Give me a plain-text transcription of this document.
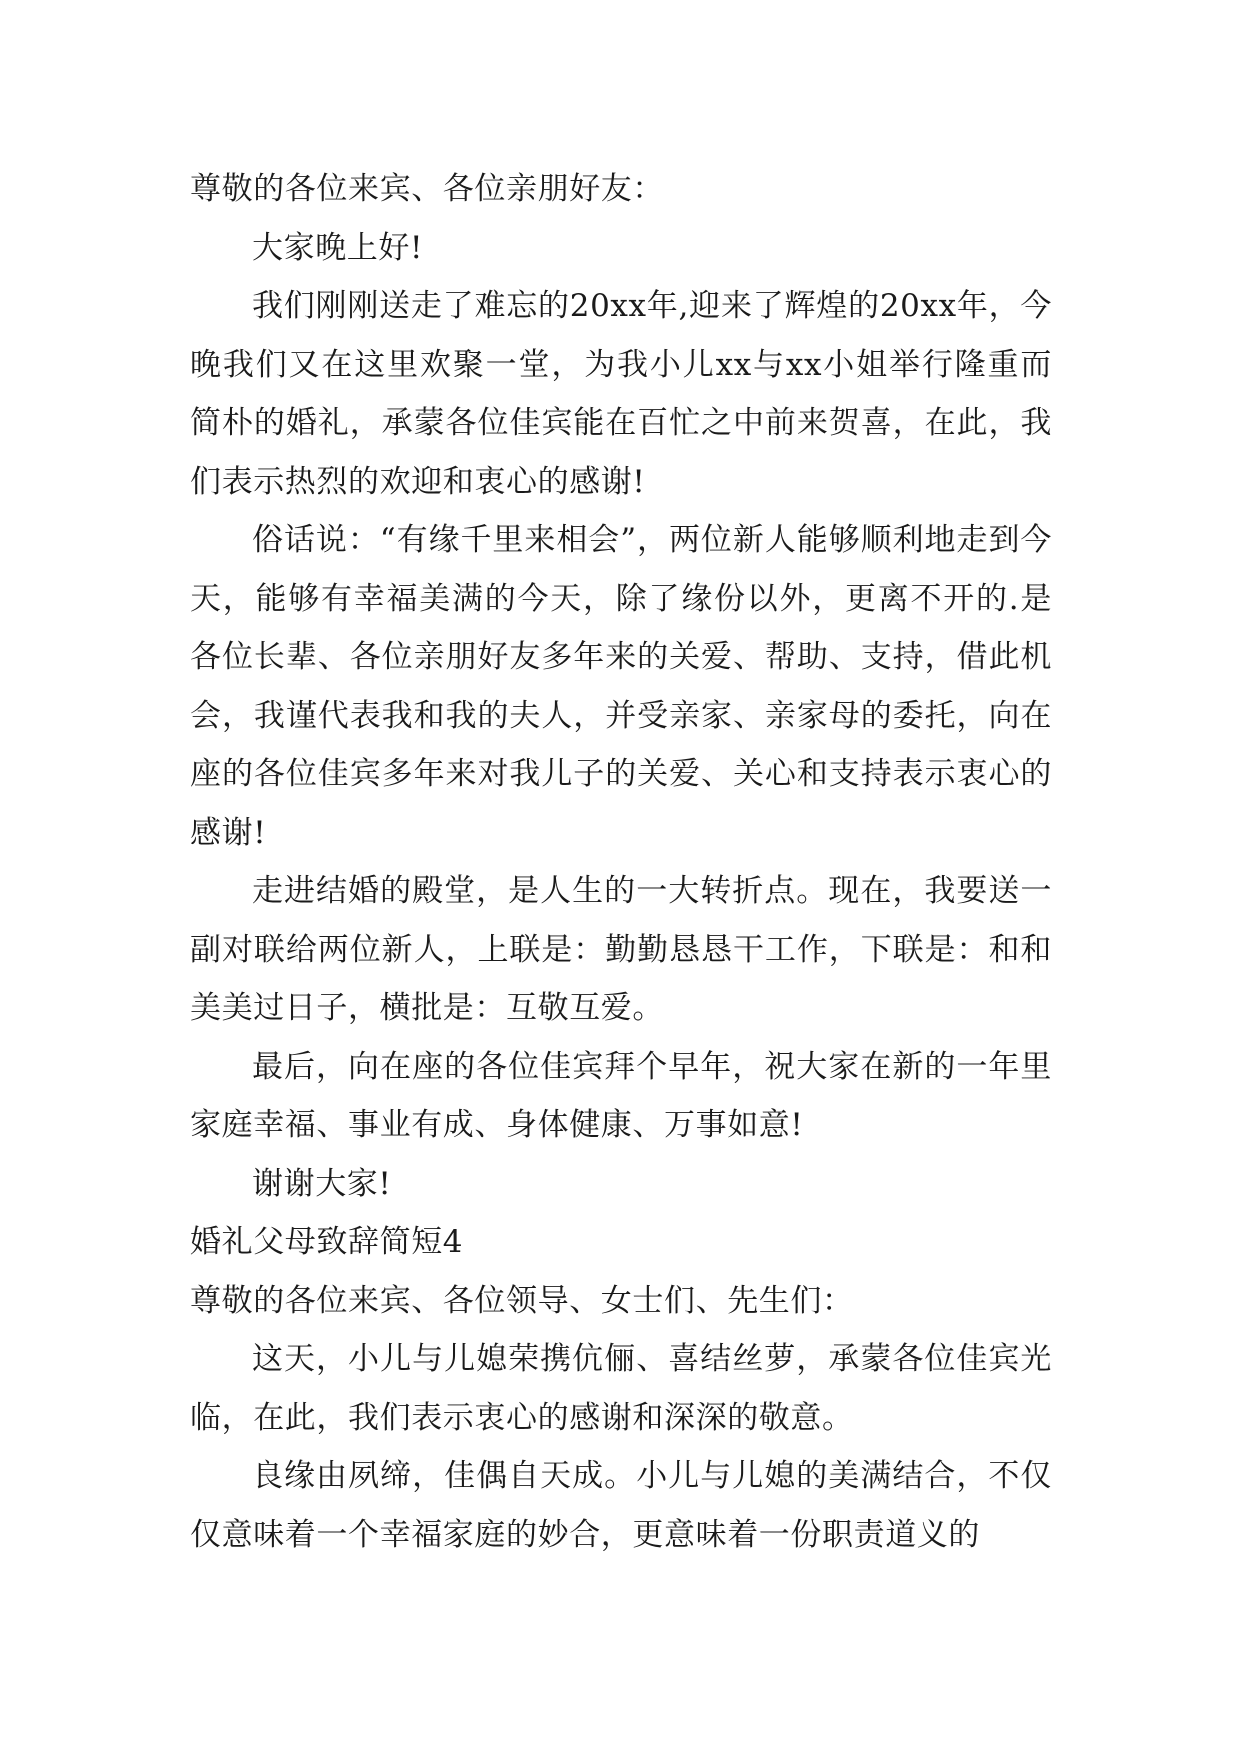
尊敬的各位来宾、各位亲朋好友：

大家晚上好!

我们刚刚送走了难忘的20xx年,迎来了辉煌的20xx年，今晚我们又在这里欢聚一堂，为我小儿xx与xx小姐举行隆重而简朴的婚礼，承蒙各位佳宾能在百忙之中前来贺喜，在此，我们表示热烈的欢迎和衷心的感谢!

俗话说：“有缘千里来相会”，两位新人能够顺利地走到今天，能够有幸福美满的今天，除了缘份以外，更离不开的.是各位长辈、各位亲朋好友多年来的关爱、帮助、支持，借此机会，我谨代表我和我的夫人，并受亲家、亲家母的委托，向在座的各位佳宾多年来对我儿子的关爱、关心和支持表示衷心的感谢!

走进结婚的殿堂，是人生的一大转折点。现在，我要送一副对联给两位新人，上联是：勤勤恳恳干工作，下联是：和和美美过日子，横批是：互敬互爱。

最后，向在座的各位佳宾拜个早年，祝大家在新的一年里家庭幸福、事业有成、身体健康、万事如意!

谢谢大家!

婚礼父母致辞简短4

尊敬的各位来宾、各位领导、女士们、先生们：

这天，小儿与儿媳荣携伉俪、喜结丝萝，承蒙各位佳宾光临，在此，我们表示衷心的感谢和深深的敬意。

良缘由夙缔，佳偶自天成。小儿与儿媳的美满结合，不仅仅意味着一个幸福家庭的妙合，更意味着一份职责道义的
